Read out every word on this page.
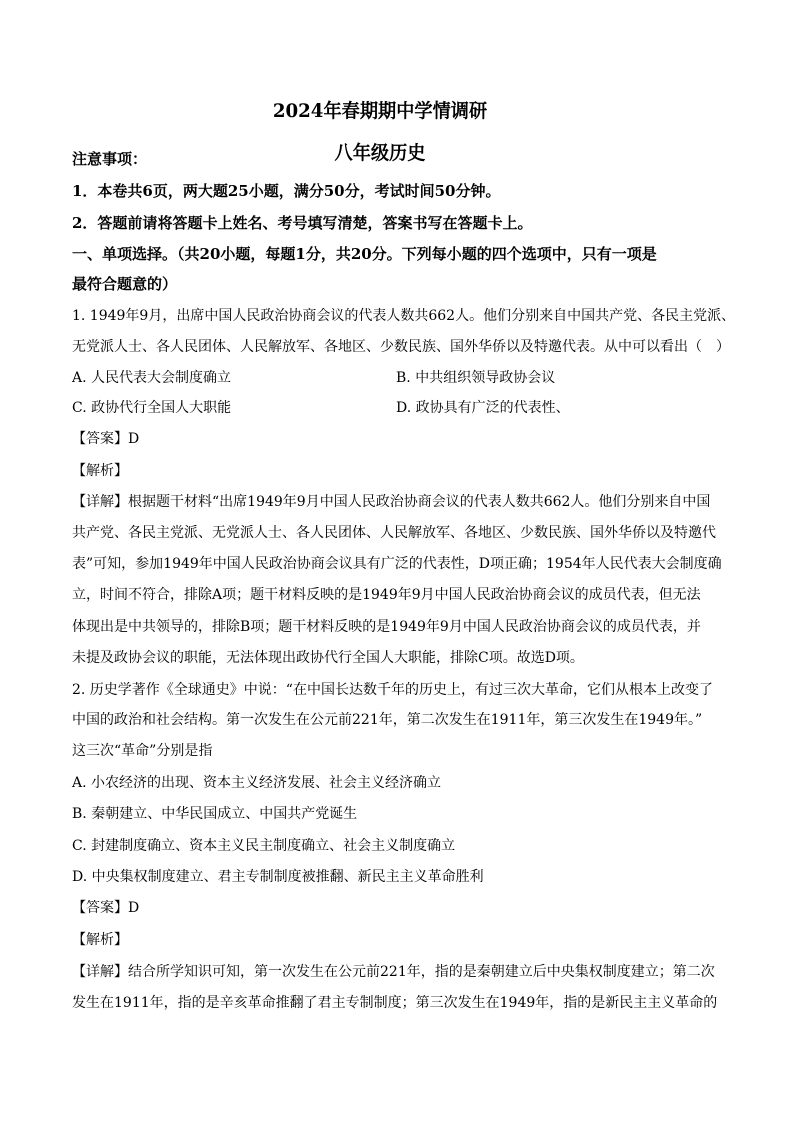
2024年春期期中学情调研
八年级历史
注意事项：
1．本卷共6页，两大题25小题，满分50分，考试时间50分钟。
2．答题前请将答题卡上姓名、考号填写清楚，答案书写在答题卡上。
一、单项选择。（共20小题，每题1分，共20分。下列每小题的四个选项中，只有一项是
最符合题意的）
1. 1949年9月，出席中国人民政治协商会议的代表人数共662人。他们分别来自中国共产党、各民主党派、
无党派人士、各人民团体、人民解放军、各地区、少数民族、国外华侨以及特邀代表。从中可以看出（　）
A. 人民代表大会制度确立	B. 中共组织领导政协会议
C. 政协代行全国人大职能	D. 政协具有广泛的代表性、
【答案】D
【解析】
【详解】根据题干材料“出席1949年9月中国人民政治协商会议的代表人数共662人。他们分别来自中国
共产党、各民主党派、无党派人士、各人民团体、人民解放军、各地区、少数民族、国外华侨以及特邀代
表”可知，参加1949年中国人民政治协商会议具有广泛的代表性，D项正确；1954年人民代表大会制度确
立，时间不符合，排除A项；题干材料反映的是1949年9月中国人民政治协商会议的成员代表，但无法
体现出是中共领导的，排除B项；题干材料反映的是1949年9月中国人民政治协商会议的成员代表，并
未提及政协会议的职能，无法体现出政协代行全国人大职能，排除C项。故选D项。
2. 历史学著作《全球通史》中说：“在中国长达数千年的历史上，有过三次大革命，它们从根本上改变了
中国的政治和社会结构。第一次发生在公元前221年，第二次发生在1911年，第三次发生在1949年。”
这三次“革命”分别是指
A. 小农经济的出现、资本主义经济发展、社会主义经济确立
B. 秦朝建立、中华民国成立、中国共产党诞生
C. 封建制度确立、资本主义民主制度确立、社会主义制度确立
D. 中央集权制度建立、君主专制制度被推翻、新民主主义革命胜利
【答案】D
【解析】
【详解】结合所学知识可知，第一次发生在公元前221年，指的是秦朝建立后中央集权制度建立；第二次
发生在1911年，指的是辛亥革命推翻了君主专制制度；第三次发生在1949年，指的是新民主主义革命的
